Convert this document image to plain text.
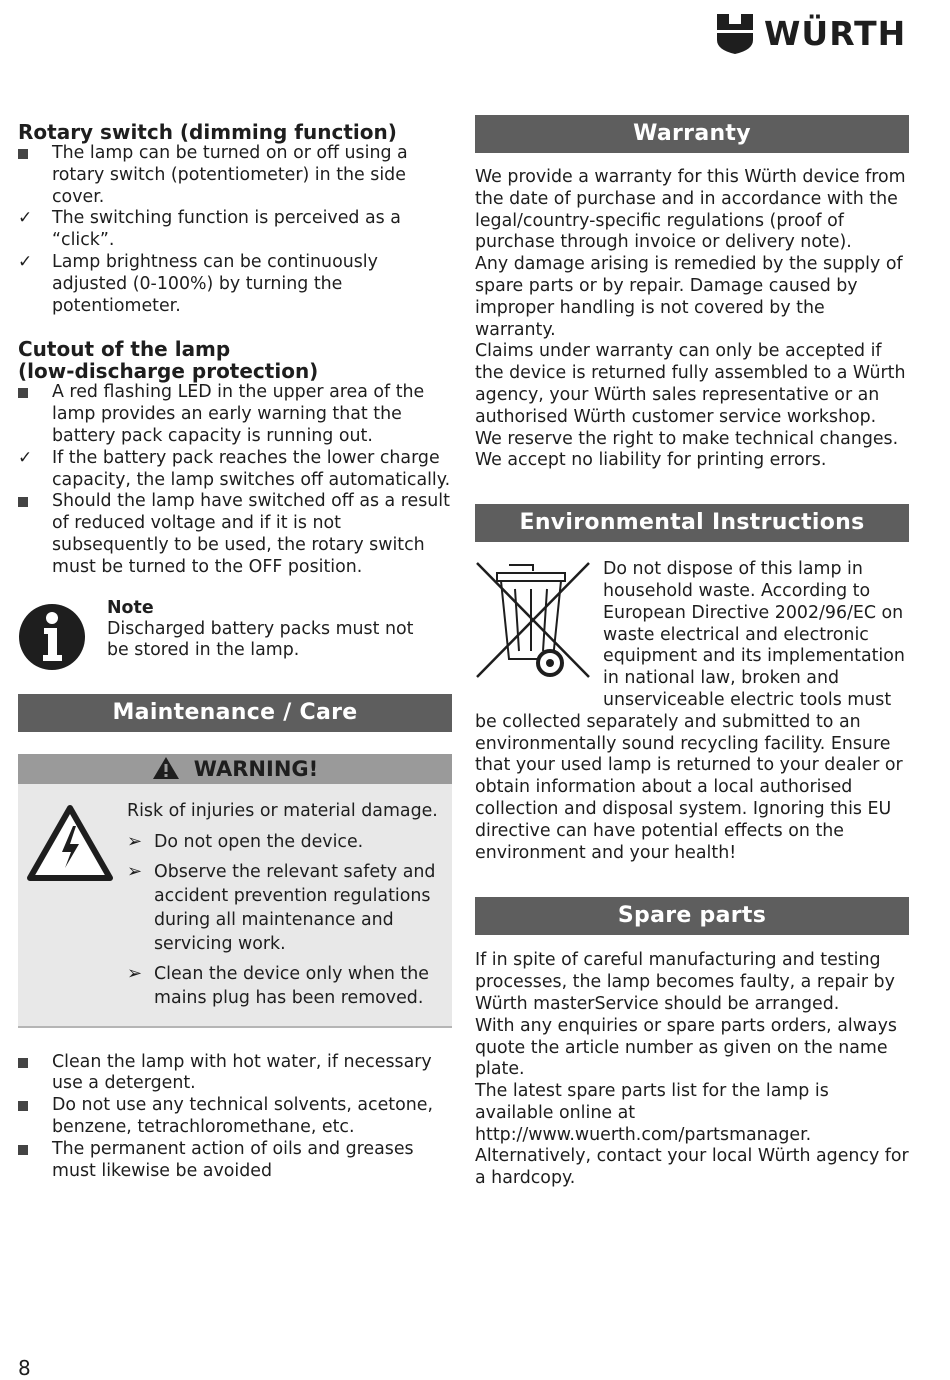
WÜRTH
Rotary switch (dimming function)
The lamp can be turned on or off using a rotary switch (potentiometer) in the side cover.
✓	The switching function is perceived as a “click”.
✓	Lamp brightness can be continuously adjusted (0-100%) by turning the potentiometer.
Cutout of the lamp
(low-discharge protection)
A red flashing LED in the upper area of the lamp provides an early warning that the battery pack capacity is running out.
✓	If the battery pack reaches the lower charge capacity, the lamp switches off automatically.
Should the lamp have switched off as a result of reduced voltage and if it is not subsequently to be used, the rotary switch must be turned to the OFF position.
Note
Discharged battery packs must not be stored in the lamp.
Maintenance / Care
WARNING!
Risk of injuries or material damage.
➢ Do not open the device.
➢ Observe the relevant safety and accident prevention regulations during all maintenance and servicing work.
➢ Clean the device only when the mains plug has been removed.
Clean the lamp with hot water, if necessary use a detergent.
Do not use any technical solvents, acetone, benzene, tetrachloromethane, etc.
The permanent action of oils and greases must likewise be avoided
Warranty
We provide a warranty for this Würth device from the date of purchase and in accordance with the legal/country-specific regulations (proof of purchase through invoice or delivery note).
Any damage arising is remedied by the supply of spare parts or by repair. Damage caused by improper handling is not covered by the warranty.
Claims under warranty can only be accepted if the device is returned fully assembled to a Würth agency, your Würth sales representative or an authorised Würth customer service workshop.
We reserve the right to make technical changes.
We accept no liability for printing errors.
Environmental Instructions
Do not dispose of this lamp in household waste. According to European Directive 2002/96/EC on waste electrical and electronic equipment and its implementation in national law, broken and unserviceable electric tools must be collected separately and submitted to an environmentally sound recycling facility. Ensure that your used lamp is returned to your dealer or obtain information about a local authorised collection and disposal system. Ignoring this EU directive can have potential effects on the environment and your health!
Spare parts
If in spite of careful manufacturing and testing processes, the lamp becomes faulty, a repair by Würth masterService should be arranged.
With any enquiries or spare parts orders, always quote the article number as given on the name plate.
The latest spare parts list for the lamp is available online at http://www.wuerth.com/partsmanager.
Alternatively, contact your local Würth agency for a hardcopy.
8
